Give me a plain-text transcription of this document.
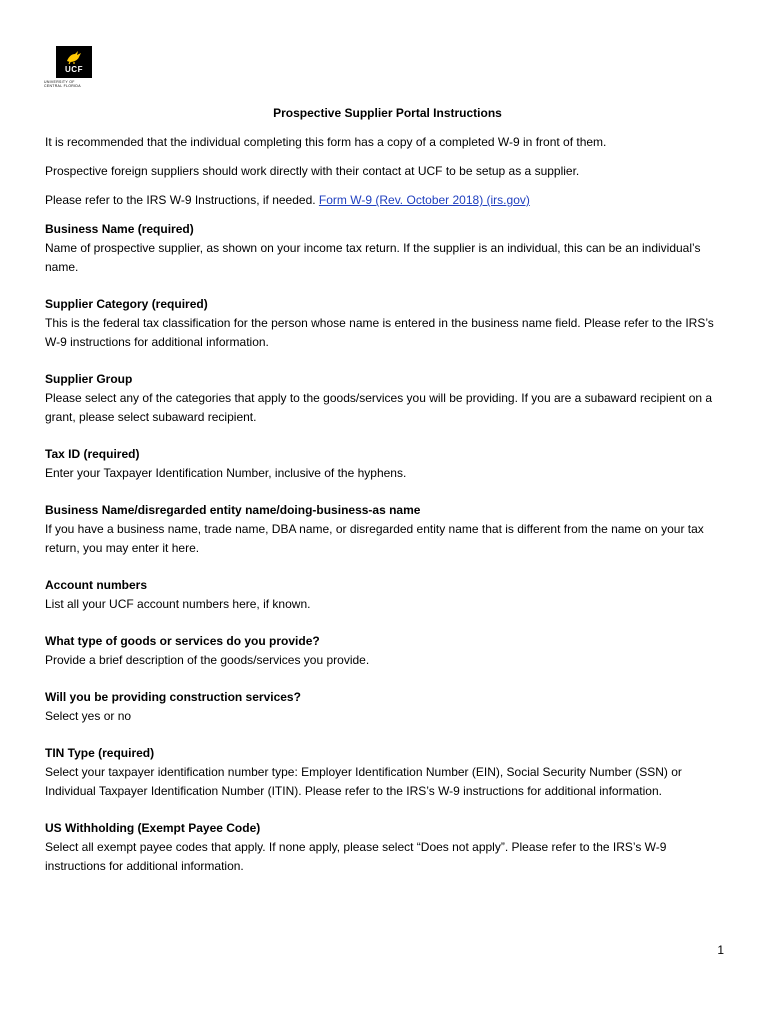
UCF
UNIVERSITY OF
CENTRAL FLORIDA
Prospective Supplier Portal Instructions

It is recommended that the individual completing this form has a copy of a completed W-9 in front of them.

Prospective foreign suppliers should work directly with their contact at UCF to be setup as a supplier.

Please refer to the IRS W-9 Instructions, if needed. Form W-9 (Rev. October 2018) (irs.gov)

Business Name (required)
Name of prospective supplier, as shown on your income tax return. If the supplier is an individual, this can be an individual’s name.
Supplier Category (required)
This is the federal tax classification for the person whose name is entered in the business name field. Please refer to the IRS’s W-9 instructions for additional information.
Supplier Group
Please select any of the categories that apply to the goods/services you will be providing. If you are a subaward recipient on a grant, please select subaward recipient.
Tax ID (required)
Enter your Taxpayer Identification Number, inclusive of the hyphens.
Business Name/disregarded entity name/doing-business-as name
If you have a business name, trade name, DBA name, or disregarded entity name that is different from the name on your tax return, you may enter it here.
Account numbers
List all your UCF account numbers here, if known.
What type of goods or services do you provide?
Provide a brief description of the goods/services you provide.
Will you be providing construction services?
Select yes or no
TIN Type (required)
Select your taxpayer identification number type: Employer Identification Number (EIN), Social Security Number (SSN) or Individual Taxpayer Identification Number (ITIN). Please refer to the IRS’s W-9 instructions for additional information.
US Withholding (Exempt Payee Code)
Select all exempt payee codes that apply. If none apply, please select “Does not apply”. Please refer to the IRS’s W-9 instructions for additional information.
1
